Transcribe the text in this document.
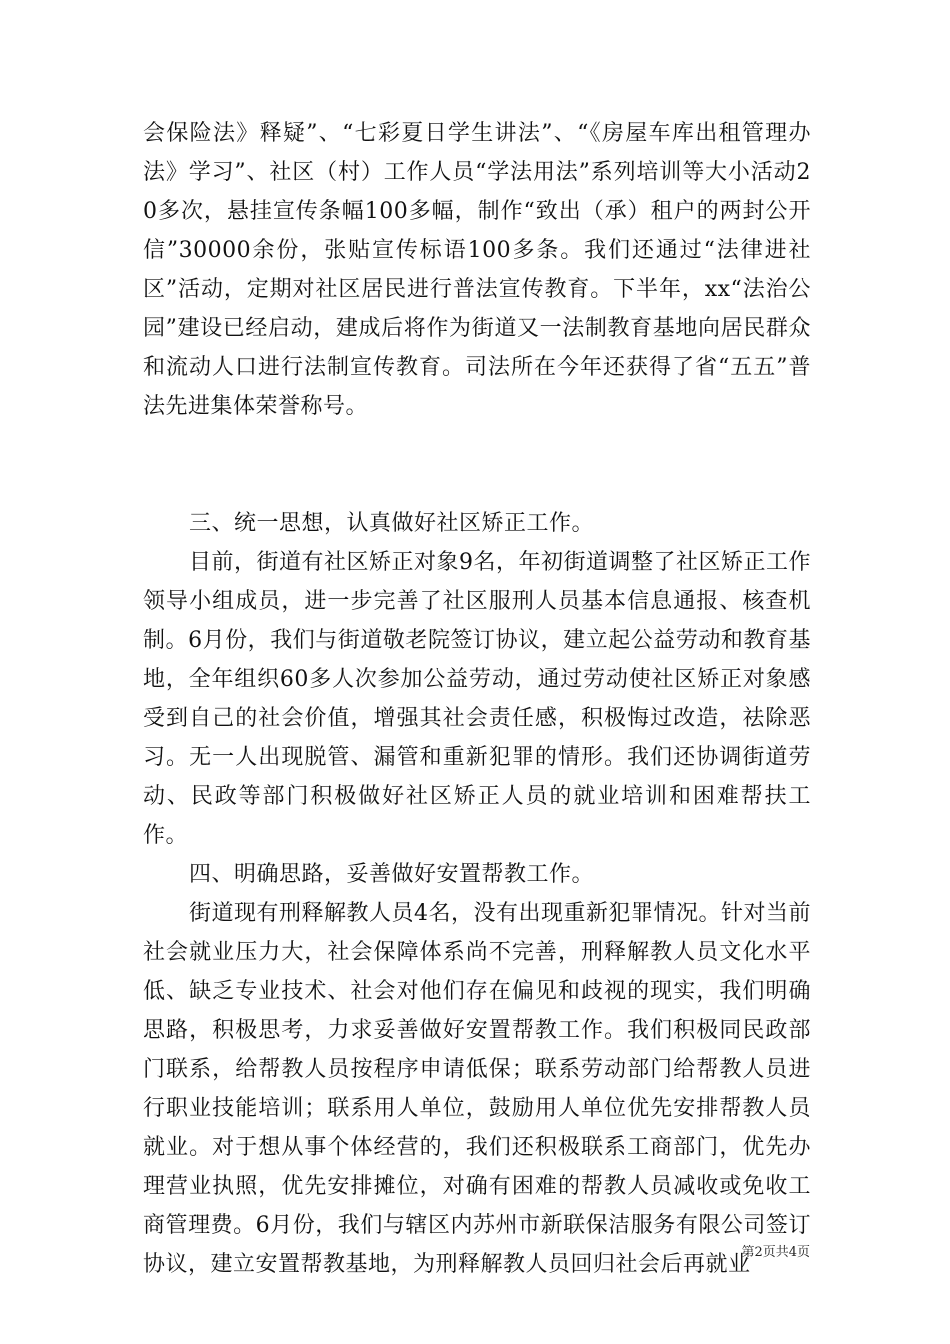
会保险法》释疑”、“七彩夏日学生讲法”、“《房屋车库出租管理办法》学习”、社区（村）工作人员“学法用法”系列培训等大小活动20多次，悬挂宣传条幅100多幅，制作“致出（承）租户的两封公开信”30000余份，张贴宣传标语100多条。我们还通过“法律进社区”活动，定期对社区居民进行普法宣传教育。下半年，xx“法治公园”建设已经启动，建成后将作为街道又一法制教育基地向居民群众和流动人口进行法制宣传教育。司法所在今年还获得了省“五五”普法先进集体荣誉称号。

三、统一思想，认真做好社区矫正工作。

目前，街道有社区矫正对象9名，年初街道调整了社区矫正工作领导小组成员，进一步完善了社区服刑人员基本信息通报、核查机制。6月份，我们与街道敬老院签订协议，建立起公益劳动和教育基地，全年组织60多人次参加公益劳动，通过劳动使社区矫正对象感受到自己的社会价值，增强其社会责任感，积极悔过改造，祛除恶习。无一人出现脱管、漏管和重新犯罪的情形。我们还协调街道劳动、民政等部门积极做好社区矫正人员的就业培训和困难帮扶工作。

四、明确思路，妥善做好安置帮教工作。

街道现有刑释解教人员4名，没有出现重新犯罪情况。针对当前社会就业压力大，社会保障体系尚不完善，刑释解教人员文化水平低、缺乏专业技术、社会对他们存在偏见和歧视的现实，我们明确思路，积极思考，力求妥善做好安置帮教工作。我们积极同民政部门联系，给帮教人员按程序申请低保；联系劳动部门给帮教人员进行职业技能培训；联系用人单位，鼓励用人单位优先安排帮教人员就业。对于想从事个体经营的，我们还积极联系工商部门，优先办理营业执照，优先安排摊位，对确有困难的帮教人员减收或免收工商管理费。6月份，我们与辖区内苏州市新联保洁服务有限公司签订协议，建立安置帮教基地，为刑释解教人员回归社会后再就业

第2页共4页
